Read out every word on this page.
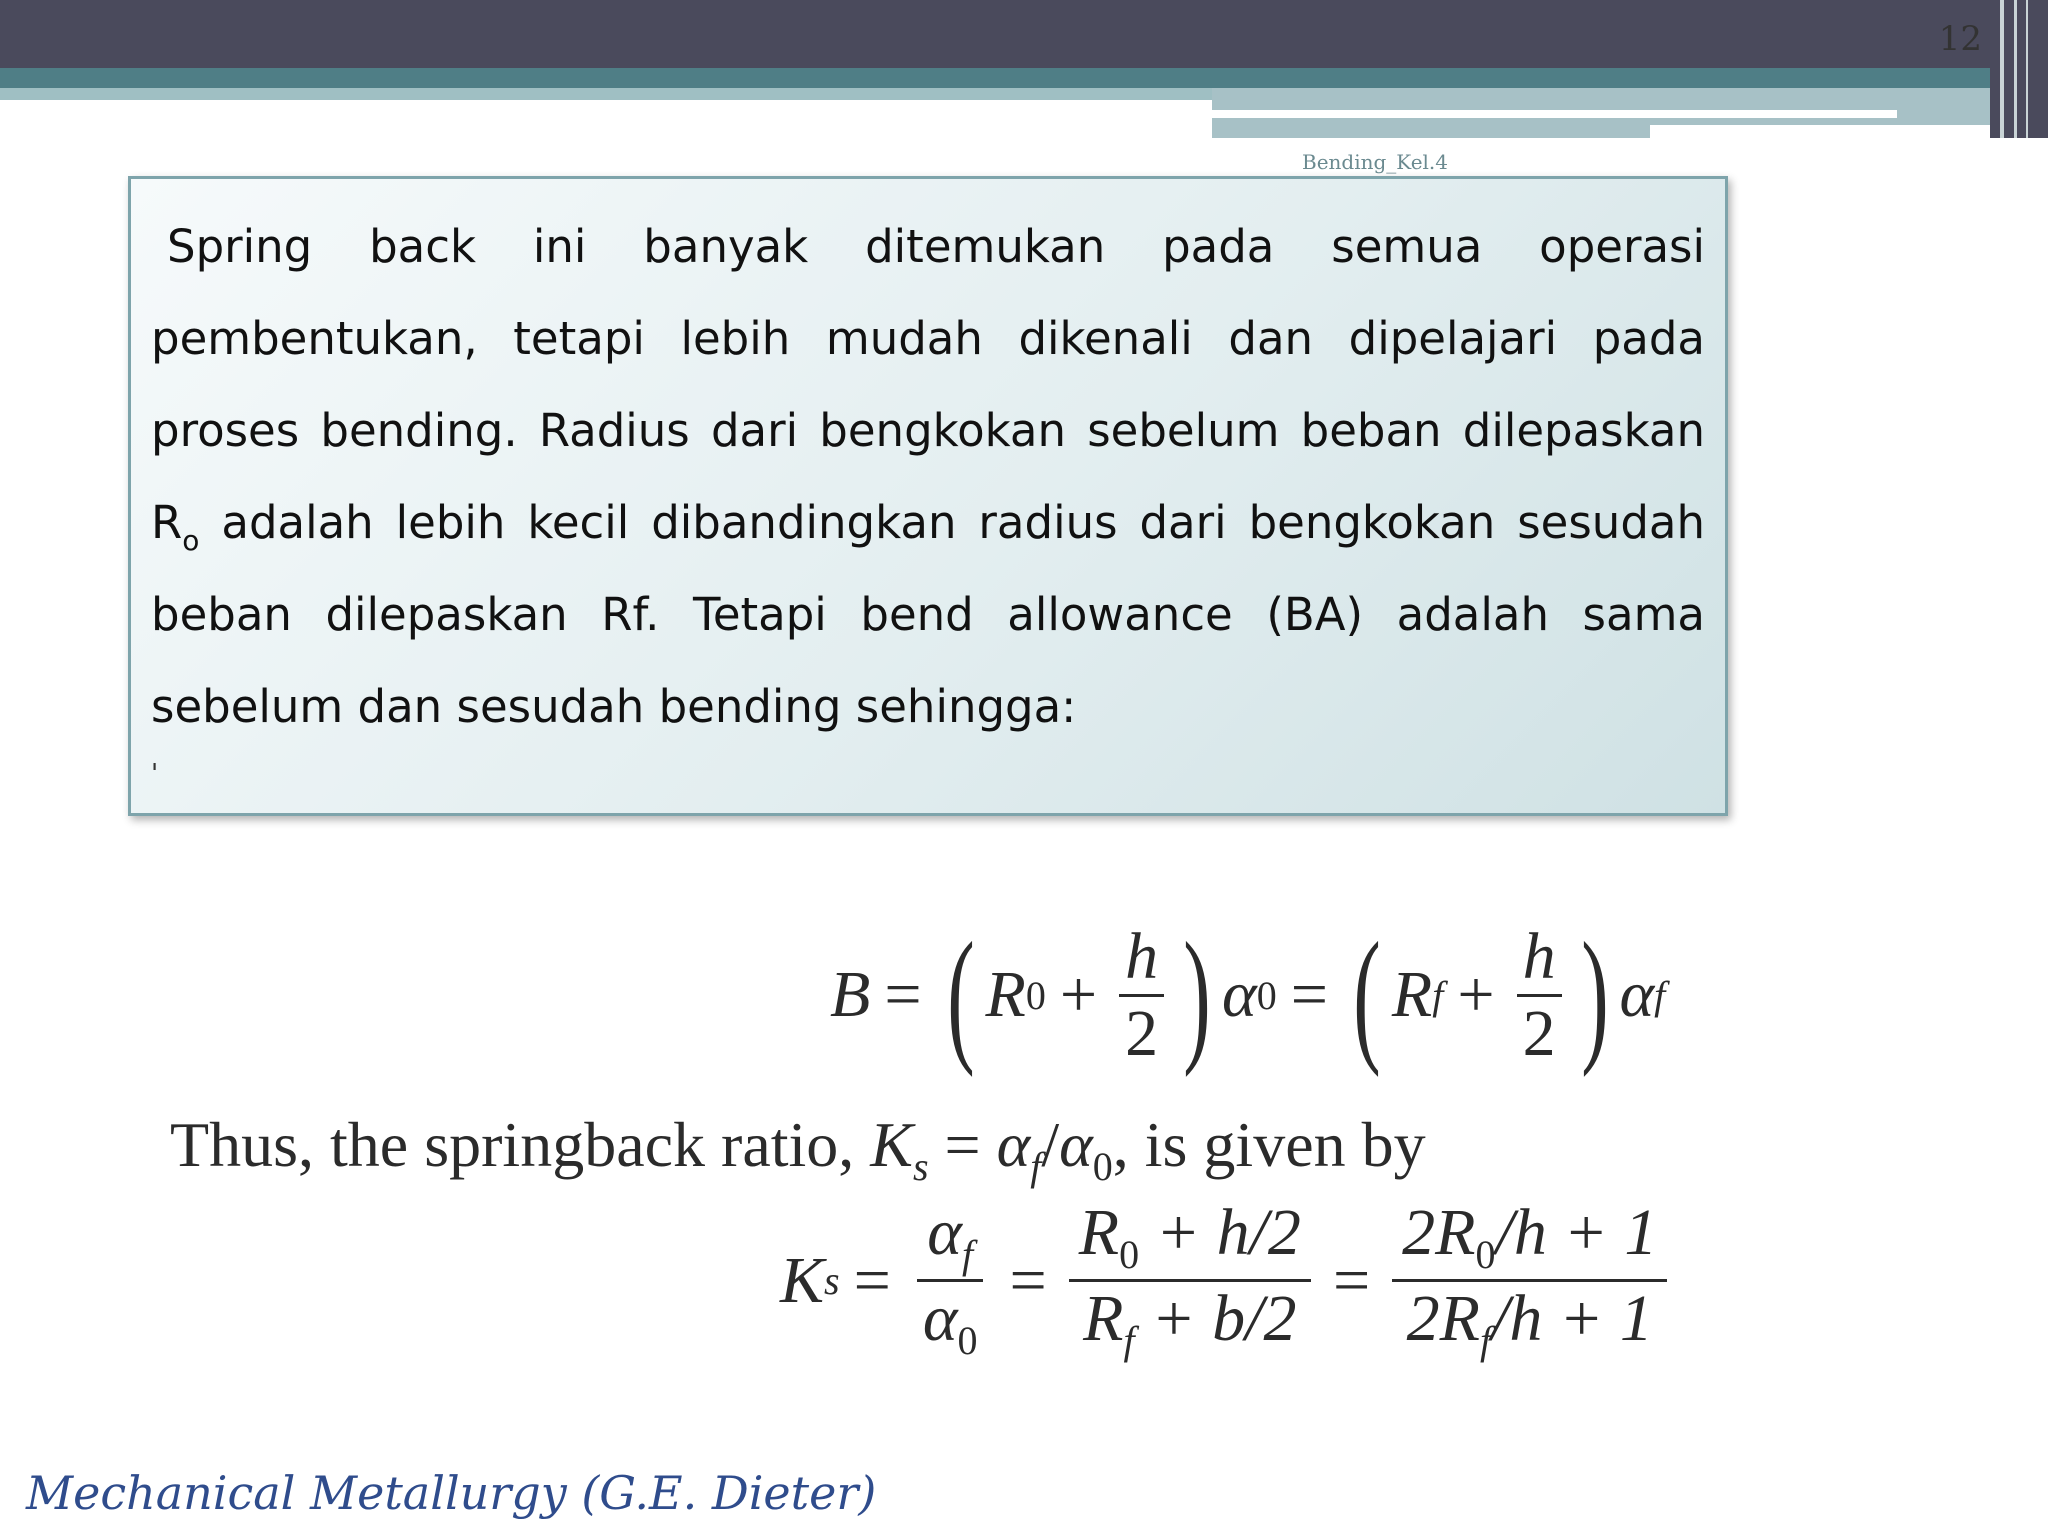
12
Bending_Kel.4

Spring back ini banyak ditemukan pada semua operasi pembentukan, tetapi lebih mudah dikenali dan dipelajari pada proses bending. Radius dari bengkokan sebelum beban dilepaskan $R_o$ adalah lebih kecil dibandingkan radius dari bengkokan sesudah beban dilepaskan Rf. Tetapi bend allowance (BA) adalah sama sebelum dan sesudah bending sehingga:

'
B = ( R $0 + \frac{h}{2}$ ) α 0 = ( R $f + \frac{h}{2}$ ) α f
Thus, the springback ratio, $K_s = \alpha_f/\alpha_0$, is given by
K $s = \frac{\alpha_f}{\alpha_0} = \frac{R_0 + h/2}{R_f + b/2} = \frac{2R_0/h + 1}{2R_f/h + 1}$
Mechanical Metallurgy (G.E. Dieter)
